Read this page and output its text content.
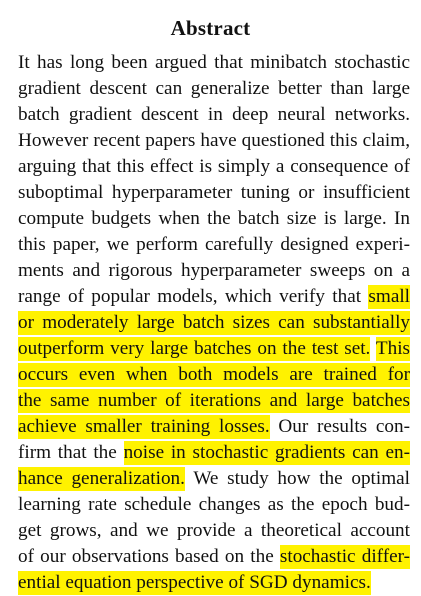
Abstract
It has long been argued that minibatch stochastic
gradient descent can generalize better than large
batch gradient descent in deep neural networks.
However recent papers have questioned this claim,
arguing that this effect is simply a consequence of
suboptimal hyperparameter tuning or insufficient
compute budgets when the batch size is large. In
this paper, we perform carefully designed experi-
ments and rigorous hyperparameter sweeps on a
range of popular models, which verify that small
or moderately large batch sizes can substantially
outperform very large batches on the test set. This
occurs even when both models are trained for
the same number of iterations and large batches
achieve smaller training losses. Our results con-
firm that the noise in stochastic gradients can en-
hance generalization. We study how the optimal
learning rate schedule changes as the epoch bud-
get grows, and we provide a theoretical account
of our observations based on the stochastic differ-
ential equation perspective of SGD dynamics.
